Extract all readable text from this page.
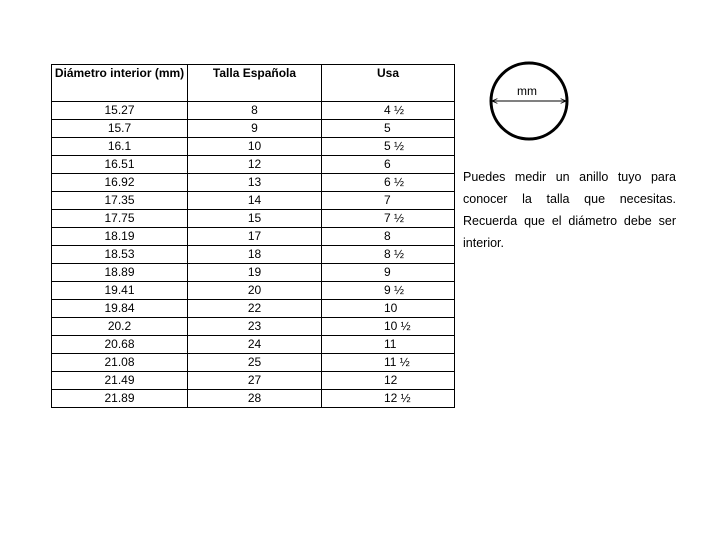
Diámetro interior (mm)	Talla Española	Usa
15.27	8	4 ½
15.7	9	5
16.1	10	5 ½
16.51	12	6
16.92	13	6 ½
17.35	14	7
17.75	15	7 ½
18.19	17	8
18.53	18	8 ½
18.89	19	9
19.41	20	9 ½
19.84	22	10
20.2	23	10 ½
20.68	24	11
21.08	25	11 ½
21.49	27	12
21.89	28	12 ½
mm

Puedes medir un anillo tuyo para conocer la talla que necesitas. Recuerda que el diámetro debe ser interior.
